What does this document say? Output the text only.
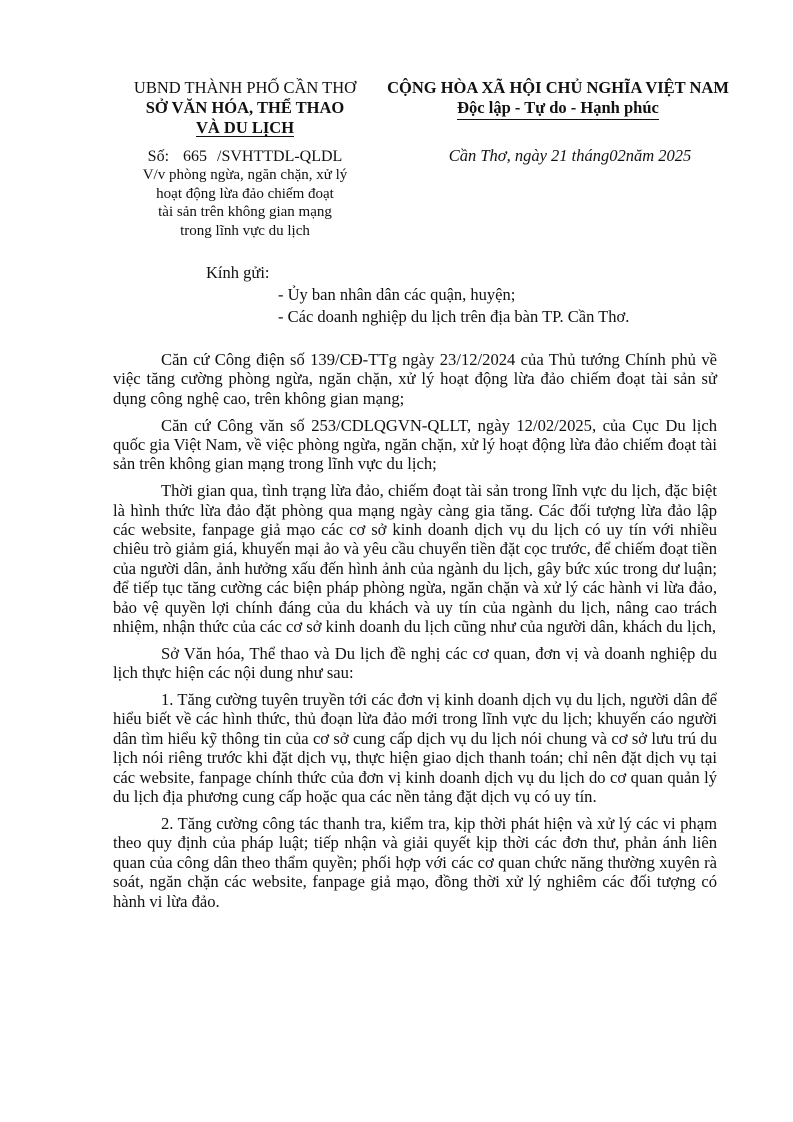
UBND THÀNH PHỐ CẦN THƠ
SỞ VĂN HÓA, THỂ THAO
VÀ DU LỊCH
CỘNG HÒA XÃ HỘI CHỦ NGHĨA VIỆT NAM
Độc lập - Tự do - Hạnh phúc
Số: 665 /SVHTTDL-QLDL
V/v phòng ngừa, ngăn chặn, xử lý
hoạt động lừa đảo chiếm đoạt
tài sản trên không gian mạng
trong lĩnh vực du lịch
Cần Thơ, ngày 21 tháng02năm 2025
Kính gửi:
- Ủy ban nhân dân các quận, huyện;
- Các doanh nghiệp du lịch trên địa bàn TP. Cần Thơ.

Căn cứ Công điện số 139/CĐ-TTg ngày 23/12/2024 của Thủ tướng Chính phủ về việc tăng cường phòng ngừa, ngăn chặn, xử lý hoạt động lừa đảo chiếm đoạt tài sản sử dụng công nghệ cao, trên không gian mạng;

Căn cứ Công văn số 253/CDLQGVN-QLLT, ngày 12/02/2025, của Cục Du lịch quốc gia Việt Nam, về việc phòng ngừa, ngăn chặn, xử lý hoạt động lừa đảo chiếm đoạt tài sản trên không gian mạng trong lĩnh vực du lịch;

Thời gian qua, tình trạng lừa đảo, chiếm đoạt tài sản trong lĩnh vực du lịch, đặc biệt là hình thức lừa đảo đặt phòng qua mạng ngày càng gia tăng. Các đối tượng lừa đảo lập các website, fanpage giả mạo các cơ sở kinh doanh dịch vụ du lịch có uy tín với nhiều chiêu trò giảm giá, khuyến mại ảo và yêu cầu chuyển tiền đặt cọc trước, để chiếm đoạt tiền của người dân, ảnh hưởng xấu đến hình ảnh của ngành du lịch, gây bức xúc trong dư luận; để tiếp tục tăng cường các biện pháp phòng ngừa, ngăn chặn và xử lý các hành vi lừa đảo, bảo vệ quyền lợi chính đáng của du khách và uy tín của ngành du lịch, nâng cao trách nhiệm, nhận thức của các cơ sở kinh doanh du lịch cũng như của người dân, khách du lịch,

Sở Văn hóa, Thể thao và Du lịch đề nghị các cơ quan, đơn vị và doanh nghiệp du lịch thực hiện các nội dung như sau:

1. Tăng cường tuyên truyền tới các đơn vị kinh doanh dịch vụ du lịch, người dân để hiểu biết về các hình thức, thủ đoạn lừa đảo mới trong lĩnh vực du lịch; khuyến cáo người dân tìm hiểu kỹ thông tin của cơ sở cung cấp dịch vụ du lịch nói chung và cơ sở lưu trú du lịch nói riêng trước khi đặt dịch vụ, thực hiện giao dịch thanh toán; chỉ nên đặt dịch vụ tại các website, fanpage chính thức của đơn vị kinh doanh dịch vụ du lịch do cơ quan quản lý du lịch địa phương cung cấp hoặc qua các nền tảng đặt dịch vụ có uy tín.

2. Tăng cường công tác thanh tra, kiểm tra, kịp thời phát hiện và xử lý các vi phạm theo quy định của pháp luật; tiếp nhận và giải quyết kịp thời các đơn thư, phản ánh liên quan của công dân theo thẩm quyền; phối hợp với các cơ quan chức năng thường xuyên rà soát, ngăn chặn các website, fanpage giả mạo, đồng thời xử lý nghiêm các đối tượng có hành vi lừa đảo.
